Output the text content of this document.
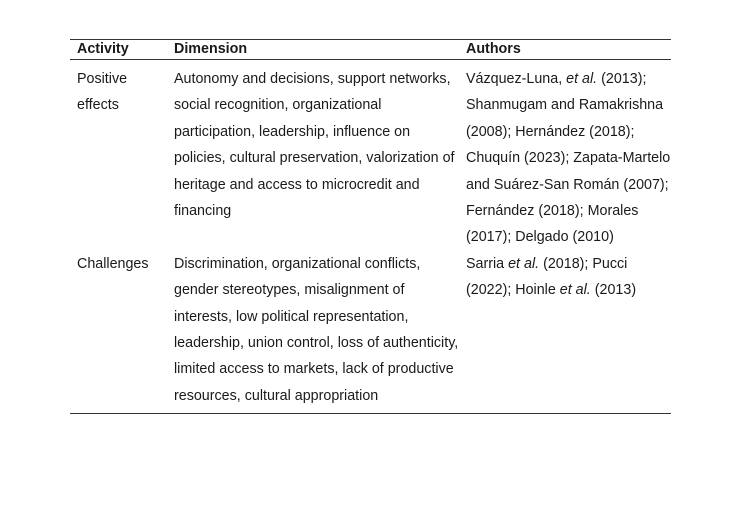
Activity	Dimension	Authors
Positive effects	Autonomy and decisions, support networks, social recognition, organizational participation, leadership, influence on policies, cultural preservation, valorization of heritage and access to microcredit and financing	Vázquez-Luna, et al. (2013); Shanmugam and Ramakrishna (2008); Hernández (2018); Chuquín (2023); Zapata-Martelo and Suárez-San Román (2007); Fernández (2018); Morales (2017); Delgado (2010)
Challenges	Discrimination, organizational conflicts, gender stereotypes, misalignment of interests, low political representation, leadership, union control, loss of authenticity, limited access to markets, lack of productive resources, cultural appropriation	Sarria et al. (2018); Pucci (2022); Hoinle et al. (2013)
